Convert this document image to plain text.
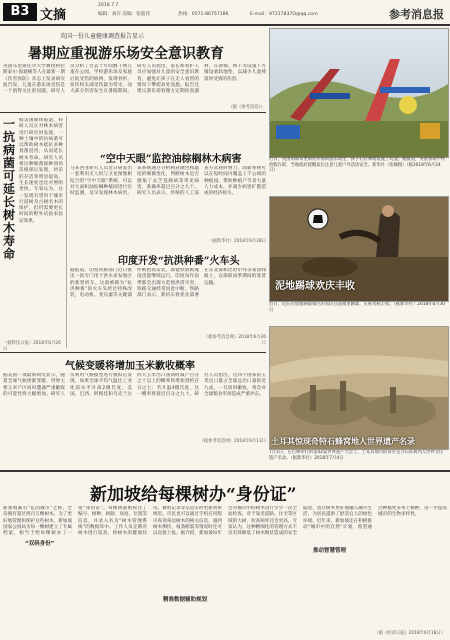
B3 文摘
2018.7.7
编辑：刘仔·美编：张迪伟	热线：0571-86757186	E-mail：97217837O@qq.com	参考消息报
英国一份儿童健康调查报告显示
暑期应重视游乐场安全意识教育
英国布里斯托尔大学教授阿拉斯泰尔·海迪顿等人在最新一期《伤害预防》杂志上发表研究报告说，儿童在游乐场受伤是一个值得关注的问题。研究人员分析了过去十年间数千例儿童在公园、学校游乐场及家庭后院受伤的病例，发现骨折、扭伤和头部受伤最为常见，而大部分伤害发生在暑假期间。研究人员指出，家长和看护人员应加强对儿童的安全意识教育，避免让孩子在无人看管的情况下攀爬高处设施。报告还建议游乐场管理方定期检查器材，在滑梯、秋千等设施下方铺设柔软地垫，以减少儿童摔落时受到的伤害。
（据《参考消息》）
近日，英国南部布里斯托尔海滨游乐场里，孩子们在攀爬设施上玩耍。据报道，英国暑期学校放假在即，当地政府提醒家长注意儿童户外活动安全。新华社（张楠摄）（据2018年6月24日）
一抗病菌可延长树木寿命
据美国媒体报道，科研人员在对林木病害进行研究时发现，一种土壤中的抗病菌可以帮助树木抵抗多种真菌侵害，从而延长树木寿命。研究人员将这种细菌接种到幼苗根部后发现，幼苗的存活率明显提高，生长速度也比对照组更快。专家认为，这一发现有望用于城市行道树及古树名木的保护，但仍需要更长时间的野外试验来验证效果。
（据科技日报）2018年6月26日
“空中天眼”监控油棕榈林木病害
马来西亚研究人员近日研发出一套利用无人机与卫星图像相结合的“空中天眼”系统，可以对大面积油棕榈种植园进行实时监测，及早发现林木病害。该系统通过分析树冠颜色和温度的细微变化，判断树木是否感染了灵芝基腐病等常见病害，准确率超过百分之九十。研究人员表示，传统的人工巡查方式耗时费力，而新系统可以在短时间内覆盖上千公顷的种植园，帮助种植户节省大量人力成本，并减少病害扩散造成的经济损失。
（据新华社）2018年6月28日
印度开发“抗洪种番”火车头
据报道，印度铁路部门近日推出一款专门用于洪水多发地区的新型机车。这款被称为“抗洪种番”的火车头经过特殊改装，电动机、变压器等关键部件被抬高安装，即使铁轨被淹没也能继续运行。印度每年雨季都会出现大范围洪涝灾害，铁路交通经常因此中断。铁路部门表示，新机车将优先部署在东北部和比哈尔邦等易涝线路上，以保障雨季期间的客货运输。
（据参考消息网）2018年6月26日
泥地踢球欢庆丰收
近日，尼泊尔加德满都郊区的农民在泥地里踢球，庆祝水稻丰收。（据新华社）2018年6月30日
气候变暖将增加玉米歉收概率
据美国一项最新研究显示，随着全球气候逐渐变暖，世界主要玉米产区同时遭遇严重歉收的可能性将大幅增加。研究人员利用气候模型进行模拟后发现，如果全球平均气温比工业化前水平升高2摄氏度，美国、巴西、阿根廷和乌克兰这四大玉米出口国同时减产百分之十以上的概率将增加到约百分之七；若升温4摄氏度，这一概率将接近百分之九十。研究人员指出，这四个国家的玉米出口量占全球总出口量的近九成，一旦同时歉收，将会对全球粮食市场造成严重冲击。
（据参考消息网）2018年6月13日 土耳其惊现奇特石蜂窝地人世界遗产名录
7月1日，在巴林举行的第42届世界遗产大会上，土耳其境内的哥贝克力石阵被列入世界文化遗产名录。（据新华社）2018年7月4日
新加坡给每棵树办“身份证”
新加坡素有“花园城市”之称，全岛拥有超过两百万棵树木。为了更好地管理和保护这些树木，新加坡国家公园局为每一棵树建立了专属档案，相当于给每棵树办了一张“身份证”。每棵树都被标注了编号、树种、树龄、高度、位置等信息，并录入名为“树木管理系统”的数据库中。工作人员定期对树木进行巡查，将树木的健康状况、修剪记录等信息实时更新到系统里。市民也可以通过手机应用程序查询身边树木的相关信息，遇到树木倒伏、枝条断裂等情况时还可以直接上报。据介绍，新加坡每年会对城市中的树木进行至少一次全面检查，对于靠近道路、住宅等区域的大树，检查频率还会更高。专家认为，这种精细化的管理方式不仅有效降低了树木倒伏造成的安全隐患，也让树木更好地融入城市生活，为居民提供了舒适宜人的绿色环境。近年来，新加坡还在积极推动“城市中的自然”计划，希望通过种植更多本土树种，进一步提高城市的生物多样性。
“双码身份”
推动智慧管理
精准数据辅助规划
（据《经济日报》2018年6月18日）
